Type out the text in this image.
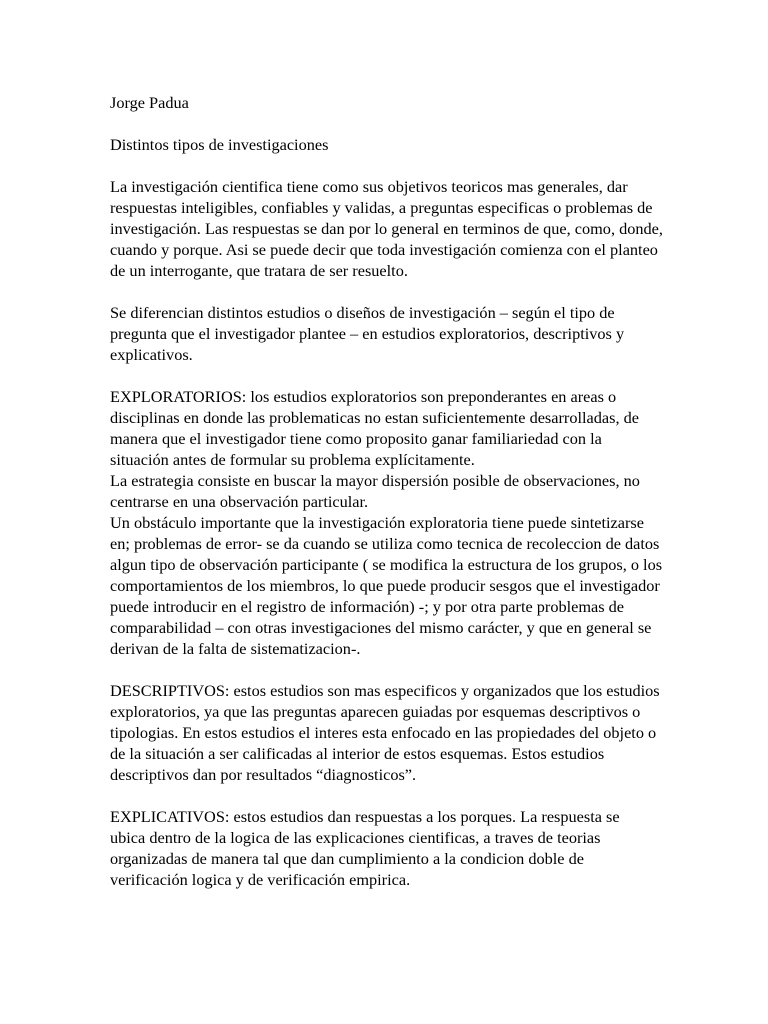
Jorge Padua
Distintos tipos de investigaciones
La investigación cientifica tiene como sus objetivos teoricos mas generales, dar
respuestas inteligibles, confiables y validas, a preguntas especificas o problemas de
investigación. Las respuestas se dan por lo general en terminos de que, como, donde,
cuando y porque. Asi se puede decir que toda investigación comienza con el planteo
de un interrogante, que tratara de ser resuelto.
Se diferencian distintos estudios o diseños de investigación – según el tipo de
pregunta que el investigador plantee – en estudios exploratorios, descriptivos y
explicativos.
EXPLORATORIOS: los estudios exploratorios son preponderantes en areas o
disciplinas en donde las problematicas no estan suficientemente desarrolladas, de
manera que el investigador tiene como proposito ganar familiariedad con la
situación antes de formular su problema explícitamente.
La estrategia consiste en buscar la mayor dispersión posible de observaciones, no
centrarse en una observación particular.
Un obstáculo importante que la investigación exploratoria tiene puede sintetizarse
en; problemas de error- se da cuando se utiliza como tecnica de recoleccion de datos
algun tipo de observación participante ( se modifica la estructura de los grupos, o los
comportamientos de los miembros, lo que puede producir sesgos que el investigador
puede introducir en el registro de información) -; y por otra parte problemas de
comparabilidad – con otras investigaciones del mismo carácter, y que en general se
derivan de la falta de sistematizacion-.
DESCRIPTIVOS: estos estudios son mas especificos y organizados que los estudios
exploratorios, ya que las preguntas aparecen guiadas por esquemas descriptivos o
tipologias. En estos estudios el interes esta enfocado en las propiedades del objeto o
de la situación a ser calificadas al interior de estos esquemas. Estos estudios
descriptivos dan por resultados “diagnosticos”.
EXPLICATIVOS: estos estudios dan respuestas a los porques. La respuesta se
ubica dentro de la logica de las explicaciones cientificas, a traves de teorias
organizadas de manera tal que dan cumplimiento a la condicion doble de
verificación logica y de verificación empirica.
